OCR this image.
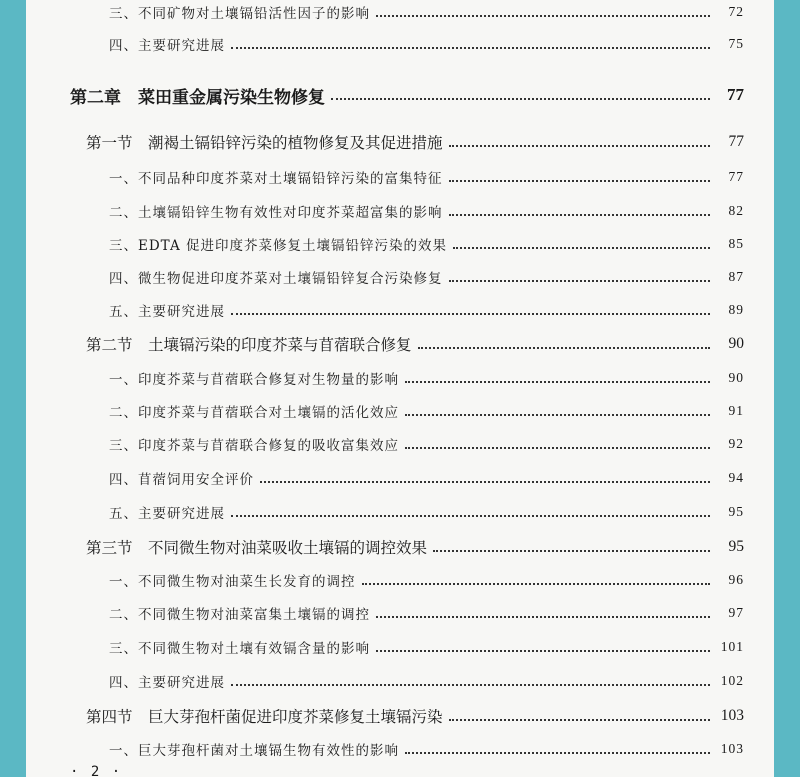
三、不同矿物对土壤镉铅活性因子的影响	72
四、主要研究进展	75
第二章　菜田重金属污染生物修复	77
第一节　潮褐土镉铅锌污染的植物修复及其促进措施	77
一、不同品种印度芥菜对土壤镉铅锌污染的富集特征	77
二、土壤镉铅锌生物有效性对印度芥菜超富集的影响	82
三、EDTA 促进印度芥菜修复土壤镉铅锌污染的效果	85
四、微生物促进印度芥菜对土壤镉铅锌复合污染修复	87
五、主要研究进展	89
第二节　土壤镉污染的印度芥菜与苜蓿联合修复	90
一、印度芥菜与苜蓿联合修复对生物量的影响	90
二、印度芥菜与苜蓿联合对土壤镉的活化效应	91
三、印度芥菜与苜蓿联合修复的吸收富集效应	92
四、苜蓿饲用安全评价	94
五、主要研究进展	95
第三节　不同微生物对油菜吸收土壤镉的调控效果	95
一、不同微生物对油菜生长发育的调控	96
二、不同微生物对油菜富集土壤镉的调控	97
三、不同微生物对土壤有效镉含量的影响	101
四、主要研究进展	102
第四节　巨大芽孢杆菌促进印度芥菜修复土壤镉污染	103
一、巨大芽孢杆菌对土壤镉生物有效性的影响	103
· 2 ·
